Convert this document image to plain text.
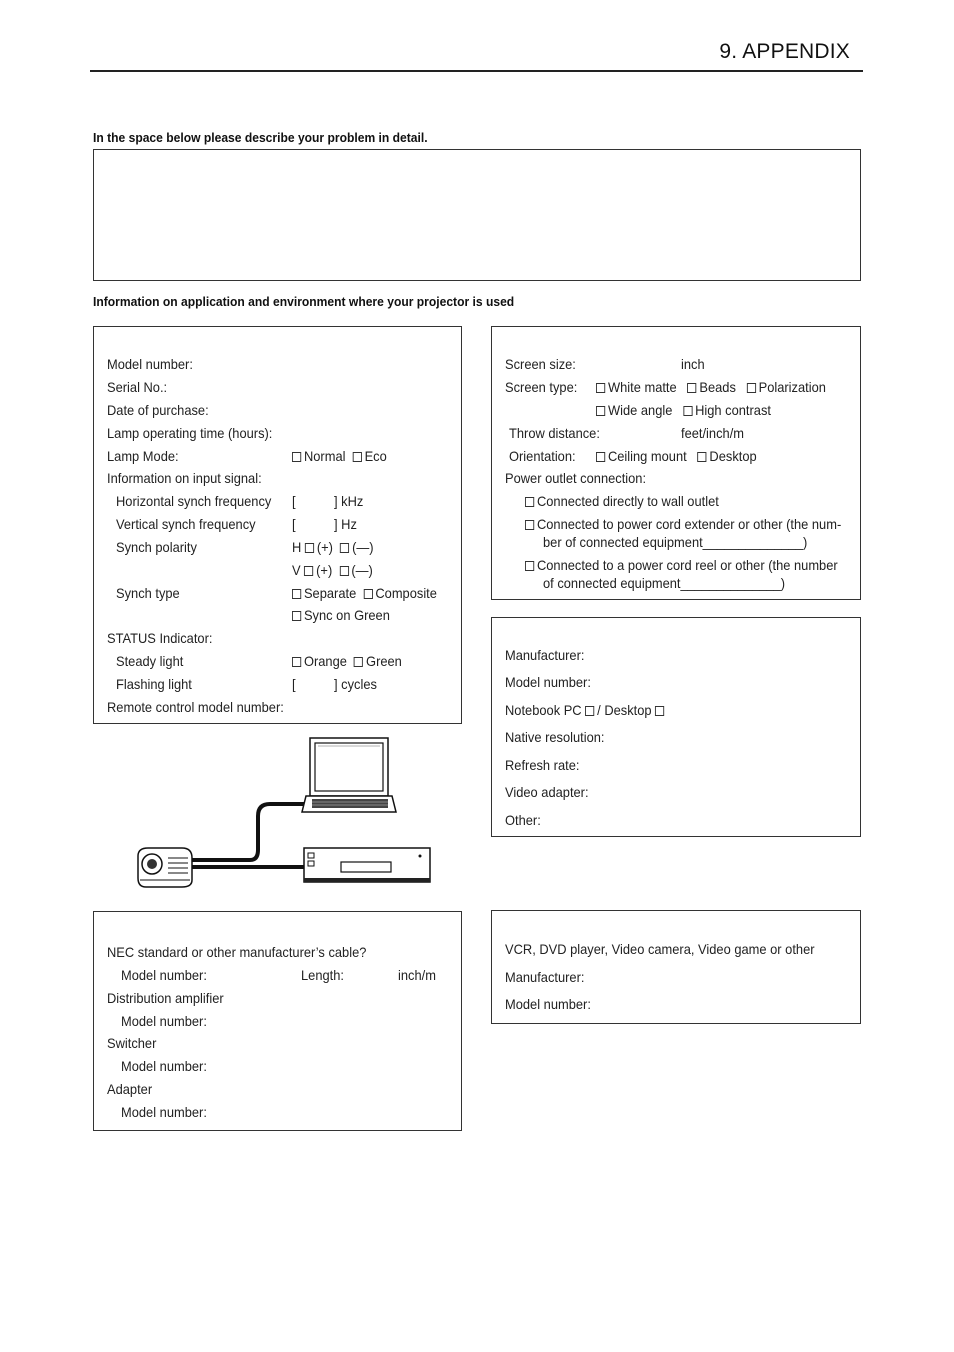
9. APPENDIX
In the space below please describe your problem in detail.
Information on application and environment where your projector is used
Model number:
Serial No.:
Date of purchase:
Lamp operating time (hours):
Lamp Mode:	Normal Eco
Information on input signal:
Horizontal synch frequency [	] kHz
Vertical synch frequency	[	] Hz
Synch polarity	H (+) (—)
V (+) (—)
Synch type	Separate Composite
Sync on Green
STATUS Indicator:
Steady light	Orange Green
Flashing light	[	] cycles
Remote control model number:
Screen size:	inch
Screen type:	White matte Beads Polarization
Wide angle High contrast
Throw distance:	feet/inch/m
Orientation:	Ceiling mount Desktop
Power outlet connection:
Connected directly to wall outlet
Connected to power cord extender or other (the num-
ber of connected equipment______________)
Connected to a power cord reel or other (the number
of connected equipment______________)
Manufacturer:
Model number:
Notebook PC / Desktop
Native resolution:
Refresh rate:
Video adapter:
Other:
NEC standard or other manufacturer’s cable?
Model number:	Length:	inch/m
Distribution amplifier
Model number:
Switcher
Model number:
Adapter
Model number:
VCR, DVD player, Video camera, Video game or other
Manufacturer:
Model number:
